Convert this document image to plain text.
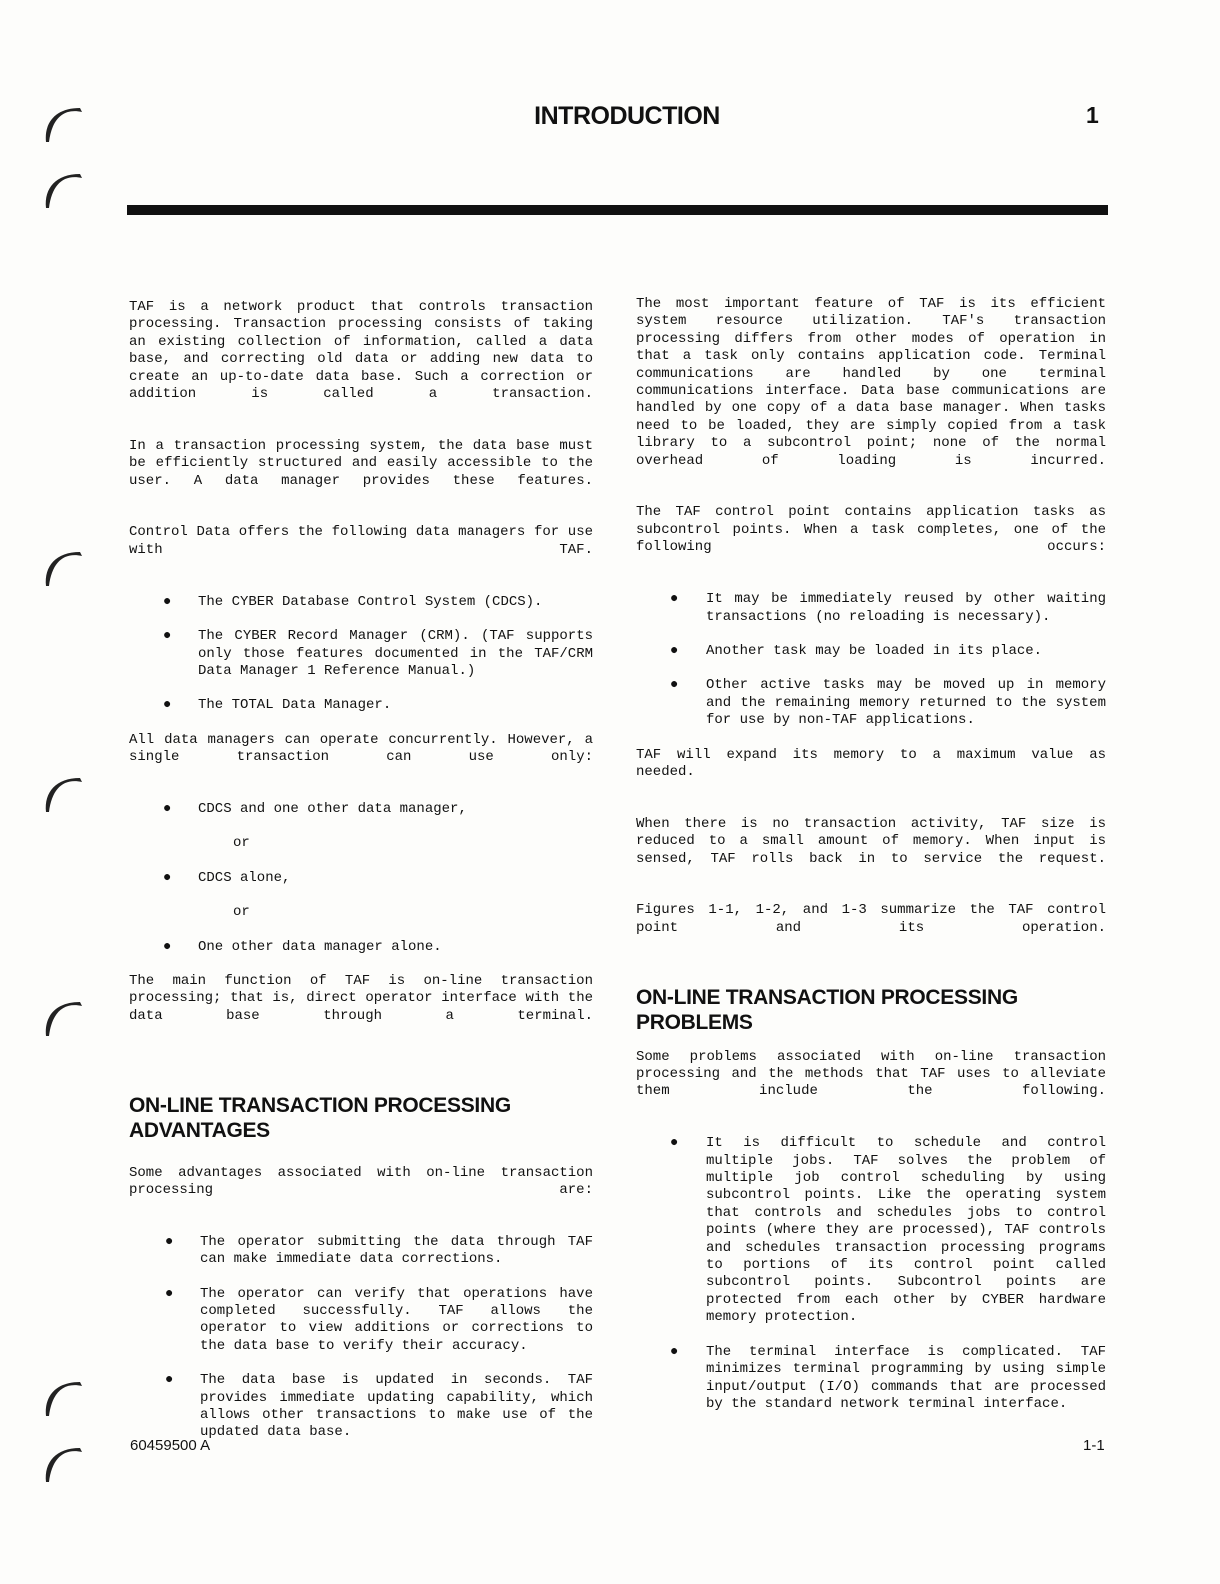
INTRODUCTION	1

TAF is a network product that controls transaction processing. Transaction processing consists of taking an existing collection of information, called a data base, and correcting old data or adding new data to create an up-to-date data base. Such a correction or addition is called a transaction.

In a transaction processing system, the data base must be efficiently structured and easily accessible to the user. A data manager provides these features.

Control Data offers the following data managers for use with TAF.

● The CYBER Database Control System (CDCS).

● The CYBER Record Manager (CRM). (TAF supports only those features documented in the TAF/CRM Data Manager 1 Reference Manual.)

● The TOTAL Data Manager.

All data managers can operate concurrently. However, a single transaction can use only:

● CDCS and one other data manager,

or
● CDCS alone,

or
● One other data manager alone.

The main function of TAF is on-line transaction processing; that is, direct operator interface with the data base through a terminal.

ON-LINE TRANSACTION PROCESSING
ADVANTAGES

Some advantages associated with on-line transaction processing are:

● The operator submitting the data through TAF can make immediate data corrections.

● The operator can verify that operations have completed successfully. TAF allows the operator to view additions or corrections to the data base to verify their accuracy.

● The data base is updated in seconds. TAF provides immediate updating capability, which allows other transactions to make use of the updated data base.

The most important feature of TAF is its efficient system resource utilization. TAF's transaction processing differs from other modes of operation in that a task only contains application code. Terminal communications are handled by one terminal communications interface. Data base communications are handled by one copy of a data base manager. When tasks need to be loaded, they are simply copied from a task library to a subcontrol point; none of the normal overhead of loading is incurred.

The TAF control point contains application tasks as subcontrol points. When a task completes, one of the following occurs:

● It may be immediately reused by other waiting transactions (no reloading is necessary).

● Another task may be loaded in its place.

● Other active tasks may be moved up in memory and the remaining memory returned to the system for use by non-TAF applications.

TAF will expand its memory to a maximum value as needed.

When there is no transaction activity, TAF size is reduced to a small amount of memory. When input is sensed, TAF rolls back in to service the request.

Figures 1-1, 1-2, and 1-3 summarize the TAF control point and its operation.

ON-LINE TRANSACTION PROCESSING
PROBLEMS

Some problems associated with on-line transaction processing and the methods that TAF uses to alleviate them include the following.

● It is difficult to schedule and control multiple jobs. TAF solves the problem of multiple job control scheduling by using subcontrol points. Like the operating system that controls and schedules jobs to control points (where they are processed), TAF controls and schedules transaction processing programs to portions of its control point called subcontrol points. Subcontrol points are protected from each other by CYBER hardware memory protection.

● The terminal interface is complicated. TAF minimizes terminal programming by using simple input/output (I/O) commands that are processed by the standard network terminal interface.

60459500 A	1-1
